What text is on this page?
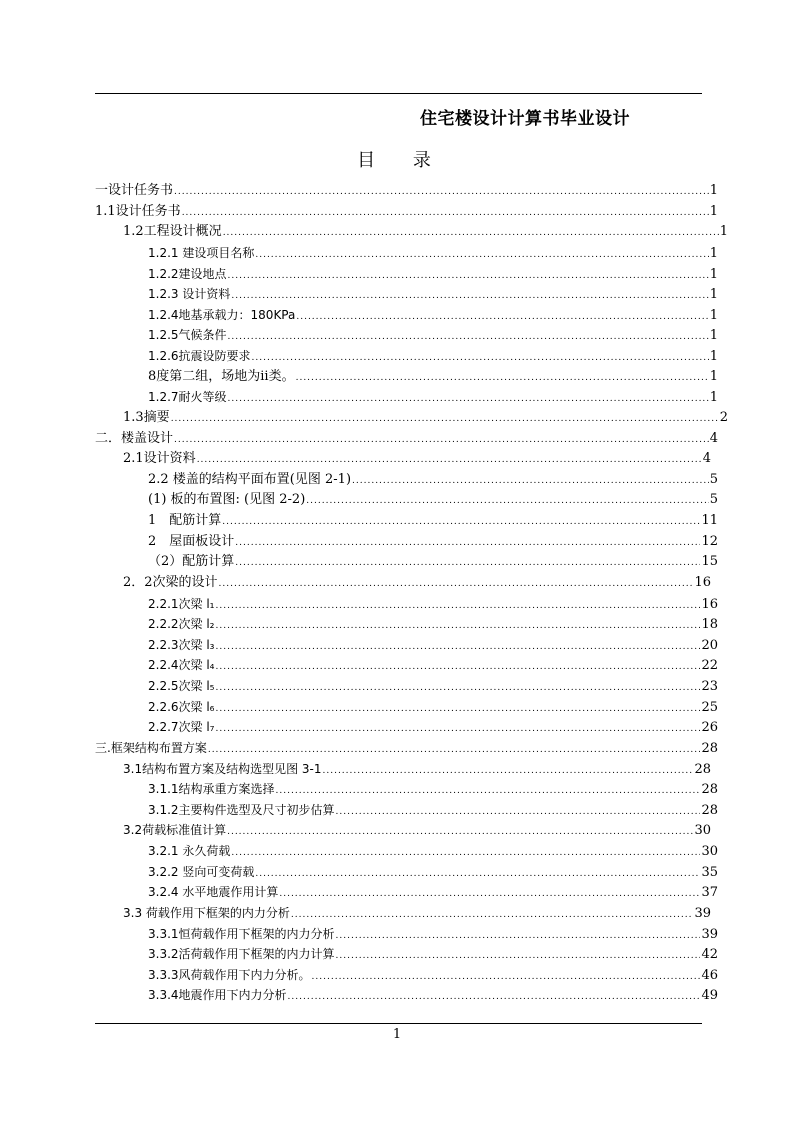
住宅楼设计计算书毕业设计
目 录
一设计任务书 .....	1
1.1设计任务书 .....	1
1.2工程设计概况 .....	1
1.2.1 建设项目名称 .....	1
1.2.2建设地点 .....	1
1.2.3 设计资料 .....	1
1.2.4地基承载力：180KPa .....	1
1.2.5气候条件 .....	1
1.2.6抗震设防要求 .....	1
8度第二组，场地为ii类。 .....	1
1.2.7耐火等级 .....	1
1.3摘要 .....	2
二．楼盖设计 .....	4
2.1设计资料 .....	4
2.2 楼盖的结构平面布置(见图 2-1) .....	5
(1) 板的布置图: (见图 2-2) .....	5
1　配筋计算 .....	11
2　屋面板设计 .....	12
（2）配筋计算 .....	15
2．2次梁的设计 .....	16
2.2.1次梁 l₁ .....	16
2.2.2次梁 l₂ .....	18
2.2.3次梁 l₃ .....	20
2.2.4次梁 l₄ .....	22
2.2.5次梁 l₅ .....	23
2.2.6次梁 l₆ .....	25
2.2.7次梁 l₇ .....	26
三.框架结构布置方案 .....	28
3.1结构布置方案及结构选型见图 3-1 .....	28
3.1.1结构承重方案选择 .....	28
3.1.2主要构件选型及尺寸初步估算 .....	28
3.2荷载标准值计算 .....	30
3.2.1 永久荷载 .....	30
3.2.2 竖向可变荷载 .....	35
3.2.4 水平地震作用计算 .....	37
3.3 荷载作用下框架的内力分析 .....	39
3.3.1恒荷载作用下框架的内力分析 .....	39
3.3.2活荷载作用下框架的内力计算 .....	42
3.3.3风荷载作用下内力分析。 .....	46
3.3.4地震作用下内力分析 .....	49
1
